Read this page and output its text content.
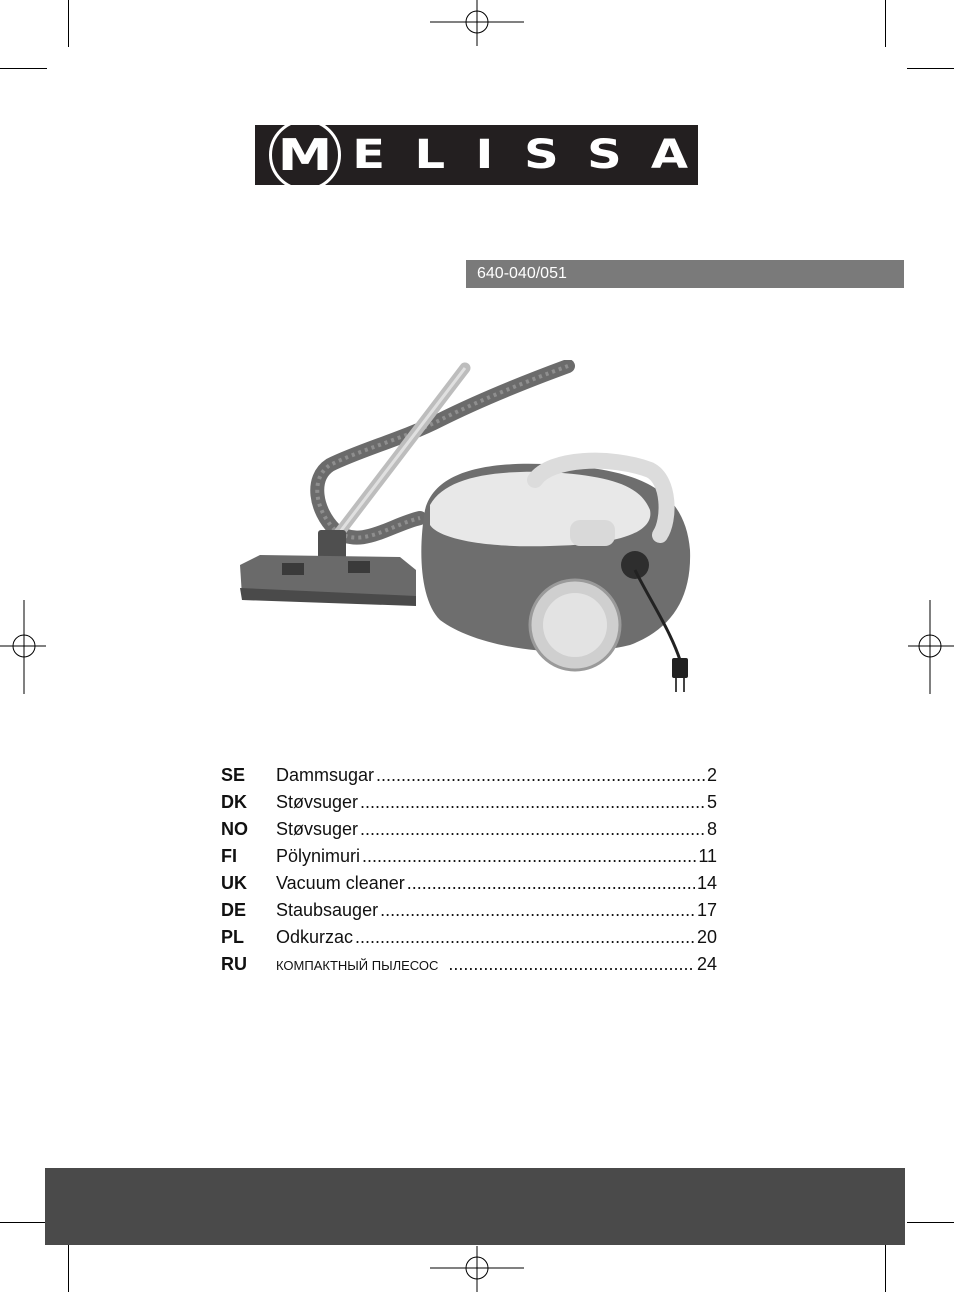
M E L I S S A
640-040/051
SE	Dammsugar .....	2
DK	Støvsuger .....	5
NO	Støvsuger .....	8
FI	Pölynimuri .....	11
UK	Vacuum cleaner .....	14
DE	Staubsauger .....	17
PL	Odkurzac .....	20
RU	КОМПАКТНЫЙ ПЫЛЕСОС .....	24
